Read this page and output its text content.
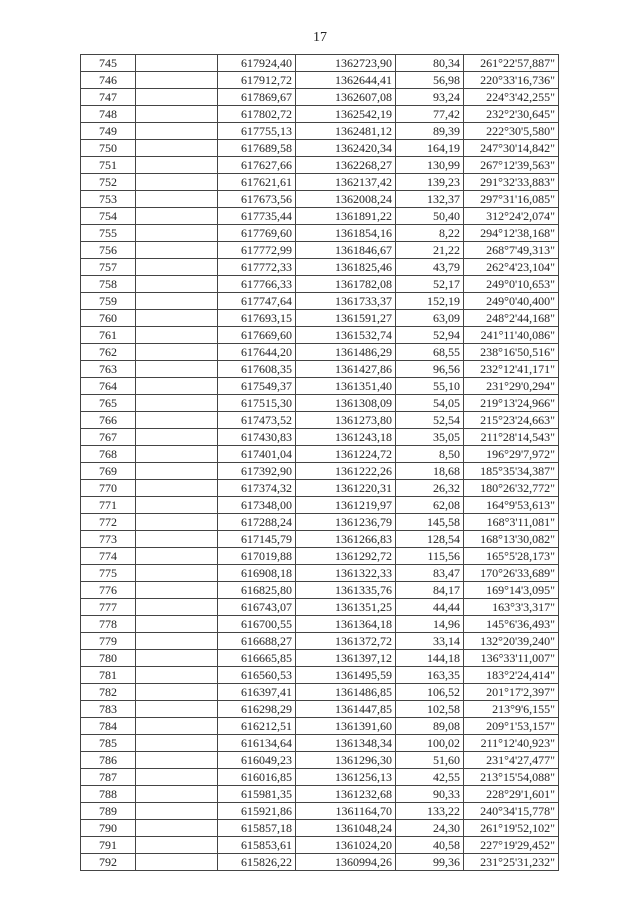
17
745		617924,40	1362723,90	80,34	261°22'57,887"
746		617912,72	1362644,41	56,98	220°33'16,736"
747		617869,67	1362607,08	93,24	224°3'42,255"
748		617802,72	1362542,19	77,42	232°2'30,645"
749		617755,13	1362481,12	89,39	222°30'5,580"
750		617689,58	1362420,34	164,19	247°30'14,842"
751		617627,66	1362268,27	130,99	267°12'39,563"
752		617621,61	1362137,42	139,23	291°32'33,883"
753		617673,56	1362008,24	132,37	297°31'16,085"
754		617735,44	1361891,22	50,40	312°24'2,074"
755		617769,60	1361854,16	8,22	294°12'38,168"
756		617772,99	1361846,67	21,22	268°7'49,313"
757		617772,33	1361825,46	43,79	262°4'23,104"
758		617766,33	1361782,08	52,17	249°0'10,653"
759		617747,64	1361733,37	152,19	249°0'40,400"
760		617693,15	1361591,27	63,09	248°2'44,168"
761		617669,60	1361532,74	52,94	241°11'40,086"
762		617644,20	1361486,29	68,55	238°16'50,516"
763		617608,35	1361427,86	96,56	232°12'41,171"
764		617549,37	1361351,40	55,10	231°29'0,294"
765		617515,30	1361308,09	54,05	219°13'24,966"
766		617473,52	1361273,80	52,54	215°23'24,663"
767		617430,83	1361243,18	35,05	211°28'14,543"
768		617401,04	1361224,72	8,50	196°29'7,972"
769		617392,90	1361222,26	18,68	185°35'34,387"
770		617374,32	1361220,31	26,32	180°26'32,772"
771		617348,00	1361219,97	62,08	164°9'53,613"
772		617288,24	1361236,79	145,58	168°3'11,081"
773		617145,79	1361266,83	128,54	168°13'30,082"
774		617019,88	1361292,72	115,56	165°5'28,173"
775		616908,18	1361322,33	83,47	170°26'33,689"
776		616825,80	1361335,76	84,17	169°14'3,095"
777		616743,07	1361351,25	44,44	163°3'3,317"
778		616700,55	1361364,18	14,96	145°6'36,493"
779		616688,27	1361372,72	33,14	132°20'39,240"
780		616665,85	1361397,12	144,18	136°33'11,007"
781		616560,53	1361495,59	163,35	183°2'24,414"
782		616397,41	1361486,85	106,52	201°17'2,397"
783		616298,29	1361447,85	102,58	213°9'6,155"
784		616212,51	1361391,60	89,08	209°1'53,157"
785		616134,64	1361348,34	100,02	211°12'40,923"
786		616049,23	1361296,30	51,60	231°4'27,477"
787		616016,85	1361256,13	42,55	213°15'54,088"
788		615981,35	1361232,68	90,33	228°29'1,601"
789		615921,86	1361164,70	133,22	240°34'15,778"
790		615857,18	1361048,24	24,30	261°19'52,102"
791		615853,61	1361024,20	40,58	227°19'29,452"
792		615826,22	1360994,26	99,36	231°25'31,232"
